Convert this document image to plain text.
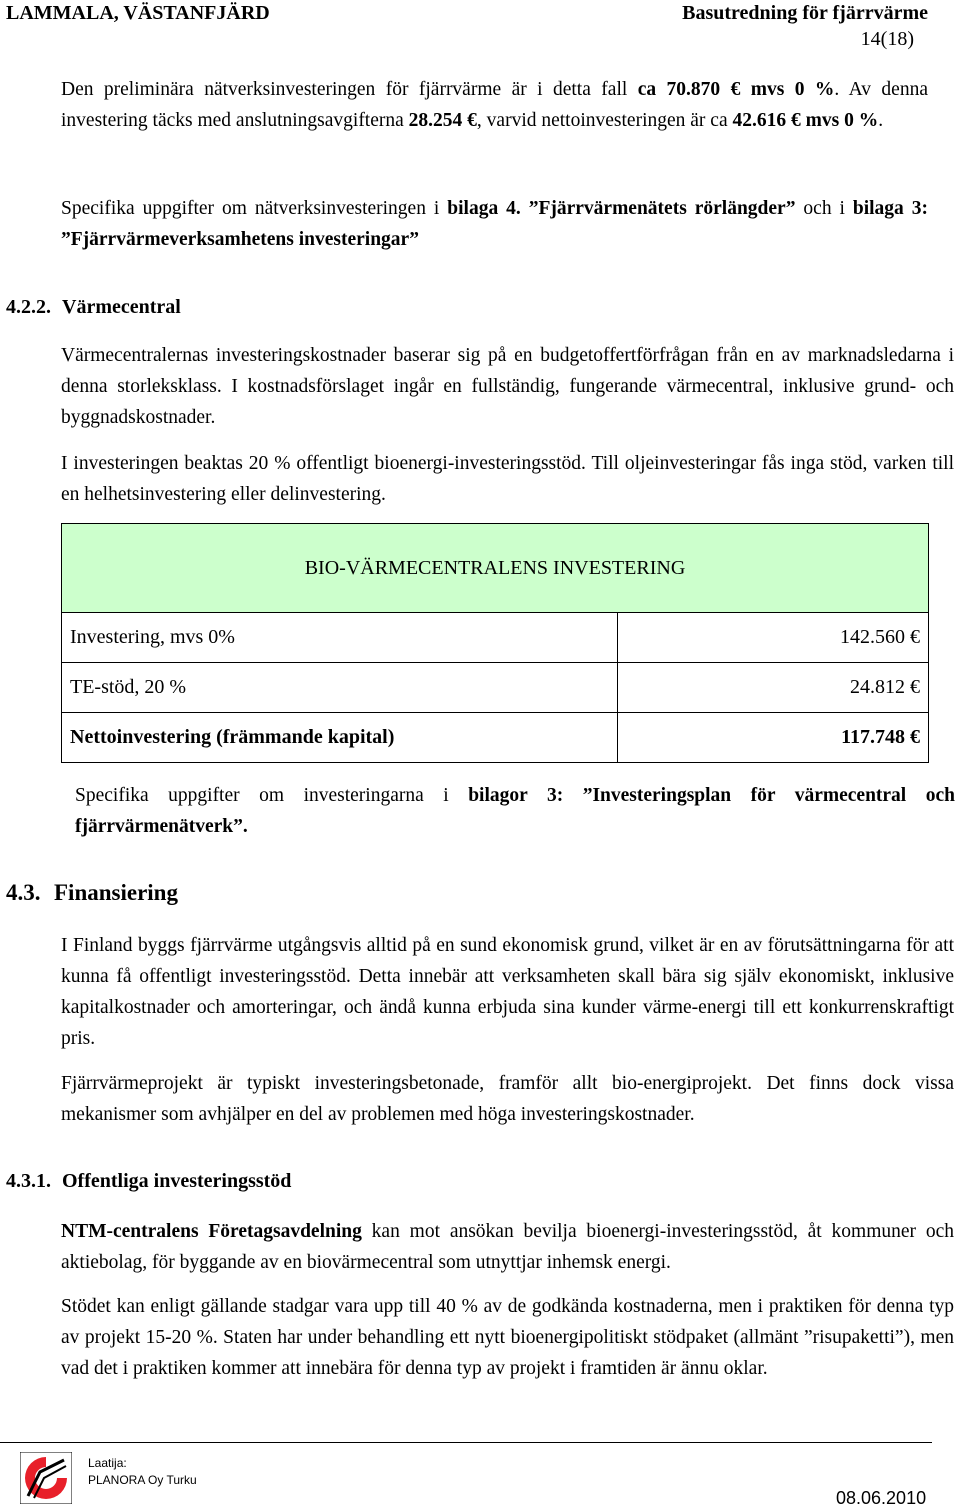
LAMMALA, VÄSTANFJÄRD	Basutredning för fjärrvärme
14(18)
Den preliminära nätverksinvesteringen för fjärrvärme är i detta fall ca 70.870 € mvs 0 %. Av denna investering täcks med anslutningsavgifterna 28.254 €, varvid nettoinvesteringen är ca 42.616 € mvs 0 %.
Specifika uppgifter om nätverksinvesteringen i bilaga 4. ”Fjärrvärmenätets rörlängder” och i bilaga 3: ”Fjärrvärmeverksamhetens investeringar”
4.2.2. Värmecentral
Värmecentralernas investeringskostnader baserar sig på en budgetoffertförfrågan från en av marknadsledarna i denna storleksklass. I kostnadsförslaget ingår en fullständig, fungerande värmecentral, inklusive grund- och byggnadskostnader.
I investeringen beaktas 20 % offentligt bioenergi-investeringsstöd. Till oljeinvesteringar fås inga stöd, varken till en helhetsinvestering eller delinvestering.
BIO-VÄRMECENTRALENS INVESTERING	
Investering, mvs 0%	142.560 €
TE-stöd, 20 %	24.812 €
Nettoinvestering (främmande kapital)	117.748 €
Specifika uppgifter om investeringarna i bilagor 3: ”Investeringsplan för värmecentral och fjärrvärmenätverk”.
4.3. Finansiering
I Finland byggs fjärrvärme utgångsvis alltid på en sund ekonomisk grund, vilket är en av förutsättningarna för att kunna få offentligt investeringsstöd. Detta innebär att verksamheten skall bära sig själv ekonomiskt, inklusive kapitalkostnader och amorteringar, och ändå kunna erbjuda sina kunder värme-energi till ett konkurrenskraftigt pris.
Fjärrvärmeprojekt är typiskt investeringsbetonade, framför allt bio-energiprojekt. Det finns dock vissa mekanismer som avhjälper en del av problemen med höga investeringskostnader.
4.3.1. Offentliga investeringsstöd
NTM-centralens Företagsavdelning kan mot ansökan bevilja bioenergi-investeringsstöd, åt kommuner och aktiebolag, för byggande av en biovärmecentral som utnyttjar inhemsk energi.
Stödet kan enligt gällande stadgar vara upp till 40 % av de godkända kostnaderna, men i praktiken för denna typ av projekt 15-20 %. Staten har under behandling ett nytt bioenergipolitiskt stödpaket (allmänt ”risupaketti”), men vad det i praktiken kommer att innebära för denna typ av projekt i framtiden är ännu oklar.
Laatija:
PLANORA Oy Turku
08.06.2010
